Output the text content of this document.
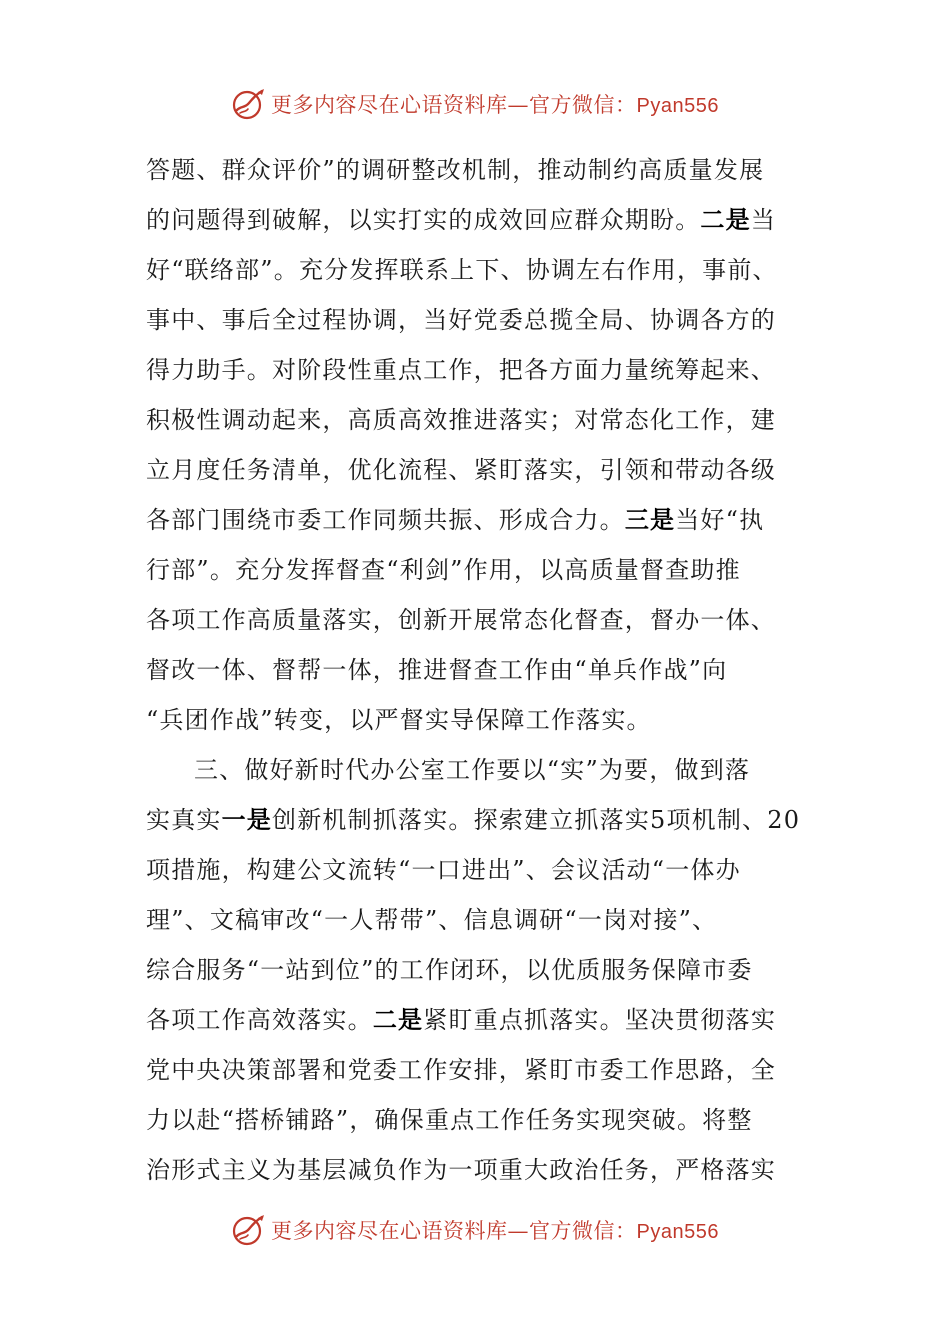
更多内容尽在心语资料库—官方微信：Pyan556
答题、群众评价”的调研整改机制，推动制约高质量发展
的问题得到破解，以实打实的成效回应群众期盼。二是当
好“联络部”。充分发挥联系上下、协调左右作用，事前、
事中、事后全过程协调，当好党委总揽全局、协调各方的
得力助手。对阶段性重点工作，把各方面力量统筹起来、
积极性调动起来，高质高效推进落实；对常态化工作，建
立月度任务清单，优化流程、紧盯落实，引领和带动各级
各部门围绕市委工作同频共振、形成合力。三是当好“执
行部”。充分发挥督查“利剑”作用，以高质量督查助推
各项工作高质量落实，创新开展常态化督查，督办一体、
督改一体、督帮一体，推进督查工作由“单兵作战”向
“兵团作战”转变，以严督实导保障工作落实。
三、做好新时代办公室工作要以“实”为要，做到落
实真实一是创新机制抓落实。探索建立抓落实5项机制、20
项措施，构建公文流转“一口进出”、会议活动“一体办
理”、文稿审改“一人帮带”、信息调研“一岗对接”、
综合服务“一站到位”的工作闭环，以优质服务保障市委
各项工作高效落实。二是紧盯重点抓落实。坚决贯彻落实
党中央决策部署和党委工作安排，紧盯市委工作思路，全
力以赴“搭桥铺路”，确保重点工作任务实现突破。将整
治形式主义为基层减负作为一项重大政治任务，严格落实
更多内容尽在心语资料库—官方微信：Pyan556
